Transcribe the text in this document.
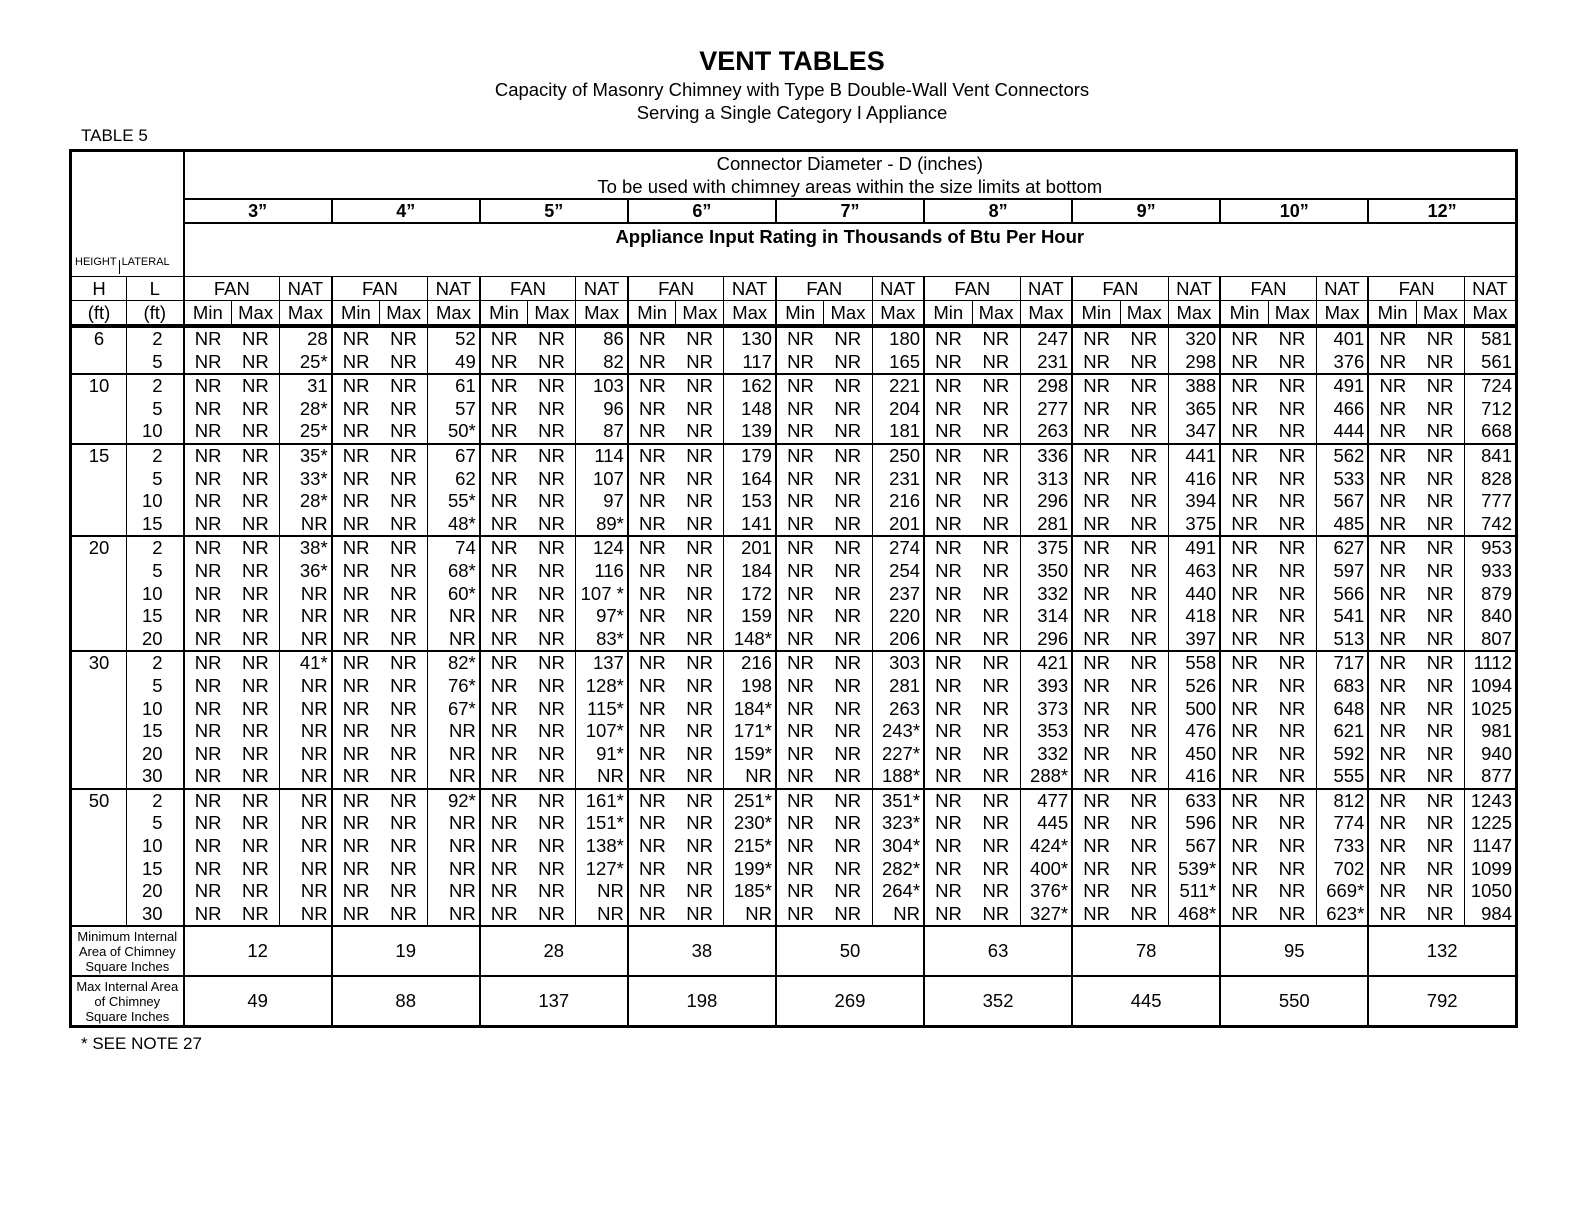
VENT TABLES
Capacity of Masonry Chimney with Type B Double-Wall Vent Connectors
Serving a Single Category I Appliance
TABLE 5
HEIGHT LATERAL		Connector Diameter - D (inches)																										
		To be used with chimney areas within the size limits at bottom																										
		3”			4”			5”			6”			7”			8”			9”			10”			12”		
		Appliance Input Rating in Thousands of Btu Per Hour																										
H	L	FAN		NAT	FAN		NAT	FAN		NAT	FAN		NAT	FAN		NAT	FAN		NAT	FAN		NAT	FAN		NAT	FAN		NAT
(ft)	(ft)	Min	Max	Max	Min	Max	Max	Min	Max	Max	Min	Max	Max	Min	Max	Max	Min	Max	Max	Min	Max	Max	Min	Max	Max	Min	Max	Max
6	2	NR	NR	28	NR	NR	52	NR	NR	86	NR	NR	130	NR	NR	180	NR	NR	247	NR	NR	320	NR	NR	401	NR	NR	581
	5	NR	NR	25*	NR	NR	49	NR	NR	82	NR	NR	117	NR	NR	165	NR	NR	231	NR	NR	298	NR	NR	376	NR	NR	561
10	2	NR	NR	31	NR	NR	61	NR	NR	103	NR	NR	162	NR	NR	221	NR	NR	298	NR	NR	388	NR	NR	491	NR	NR	724
	5	NR	NR	28*	NR	NR	57	NR	NR	96	NR	NR	148	NR	NR	204	NR	NR	277	NR	NR	365	NR	NR	466	NR	NR	712
	10	NR	NR	25*	NR	NR	50*	NR	NR	87	NR	NR	139	NR	NR	181	NR	NR	263	NR	NR	347	NR	NR	444	NR	NR	668
15	2	NR	NR	35*	NR	NR	67	NR	NR	114	NR	NR	179	NR	NR	250	NR	NR	336	NR	NR	441	NR	NR	562	NR	NR	841
	5	NR	NR	33*	NR	NR	62	NR	NR	107	NR	NR	164	NR	NR	231	NR	NR	313	NR	NR	416	NR	NR	533	NR	NR	828
	10	NR	NR	28*	NR	NR	55*	NR	NR	97	NR	NR	153	NR	NR	216	NR	NR	296	NR	NR	394	NR	NR	567	NR	NR	777
	15	NR	NR	NR	NR	NR	48*	NR	NR	89*	NR	NR	141	NR	NR	201	NR	NR	281	NR	NR	375	NR	NR	485	NR	NR	742
20	2	NR	NR	38*	NR	NR	74	NR	NR	124	NR	NR	201	NR	NR	274	NR	NR	375	NR	NR	491	NR	NR	627	NR	NR	953
	5	NR	NR	36*	NR	NR	68*	NR	NR	116	NR	NR	184	NR	NR	254	NR	NR	350	NR	NR	463	NR	NR	597	NR	NR	933
	10	NR	NR	NR	NR	NR	60*	NR	NR	107 *	NR	NR	172	NR	NR	237	NR	NR	332	NR	NR	440	NR	NR	566	NR	NR	879
	15	NR	NR	NR	NR	NR	NR	NR	NR	97*	NR	NR	159	NR	NR	220	NR	NR	314	NR	NR	418	NR	NR	541	NR	NR	840
	20	NR	NR	NR	NR	NR	NR	NR	NR	83*	NR	NR	148*	NR	NR	206	NR	NR	296	NR	NR	397	NR	NR	513	NR	NR	807
30	2	NR	NR	41*	NR	NR	82*	NR	NR	137	NR	NR	216	NR	NR	303	NR	NR	421	NR	NR	558	NR	NR	717	NR	NR	1112
	5	NR	NR	NR	NR	NR	76*	NR	NR	128*	NR	NR	198	NR	NR	281	NR	NR	393	NR	NR	526	NR	NR	683	NR	NR	1094
	10	NR	NR	NR	NR	NR	67*	NR	NR	115*	NR	NR	184*	NR	NR	263	NR	NR	373	NR	NR	500	NR	NR	648	NR	NR	1025
	15	NR	NR	NR	NR	NR	NR	NR	NR	107*	NR	NR	171*	NR	NR	243*	NR	NR	353	NR	NR	476	NR	NR	621	NR	NR	981
	20	NR	NR	NR	NR	NR	NR	NR	NR	91*	NR	NR	159*	NR	NR	227*	NR	NR	332	NR	NR	450	NR	NR	592	NR	NR	940
	30	NR	NR	NR	NR	NR	NR	NR	NR	NR	NR	NR	NR	NR	NR	188*	NR	NR	288*	NR	NR	416	NR	NR	555	NR	NR	877
50	2	NR	NR	NR	NR	NR	92*	NR	NR	161*	NR	NR	251*	NR	NR	351*	NR	NR	477	NR	NR	633	NR	NR	812	NR	NR	1243
	5	NR	NR	NR	NR	NR	NR	NR	NR	151*	NR	NR	230*	NR	NR	323*	NR	NR	445	NR	NR	596	NR	NR	774	NR	NR	1225
	10	NR	NR	NR	NR	NR	NR	NR	NR	138*	NR	NR	215*	NR	NR	304*	NR	NR	424*	NR	NR	567	NR	NR	733	NR	NR	1147
	15	NR	NR	NR	NR	NR	NR	NR	NR	127*	NR	NR	199*	NR	NR	282*	NR	NR	400*	NR	NR	539*	NR	NR	702	NR	NR	1099
	20	NR	NR	NR	NR	NR	NR	NR	NR	NR	NR	NR	185*	NR	NR	264*	NR	NR	376*	NR	NR	511*	NR	NR	669*	NR	NR	1050
	30	NR	NR	NR	NR	NR	NR	NR	NR	NR	NR	NR	NR	NR	NR	NR	NR	NR	327*	NR	NR	468*	NR	NR	623*	NR	NR	984
Minimum Internal Area of Chimney Square Inches		12			19			28			38			50			63			78			95			132		
Max Internal Area of Chimney Square Inches		49			88			137			198			269			352			445			550			792		
* SEE NOTE 27
